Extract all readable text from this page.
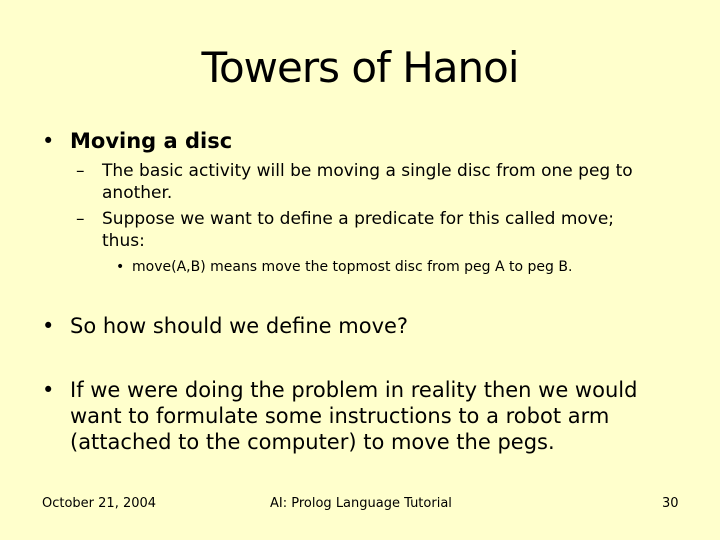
Towers of Hanoi
• Moving a disc
– The basic activity will be moving a single disc from one peg to another.
– Suppose we want to define a predicate for this called move; thus:
• move(A,B) means move the topmost disc from peg A to peg B.
• So how should we define move?
• If we were doing the problem in reality then we would want to formulate some instructions to a robot arm (attached to the computer) to move the pegs.
October 21, 2004	AI: Prolog Language Tutorial	30
